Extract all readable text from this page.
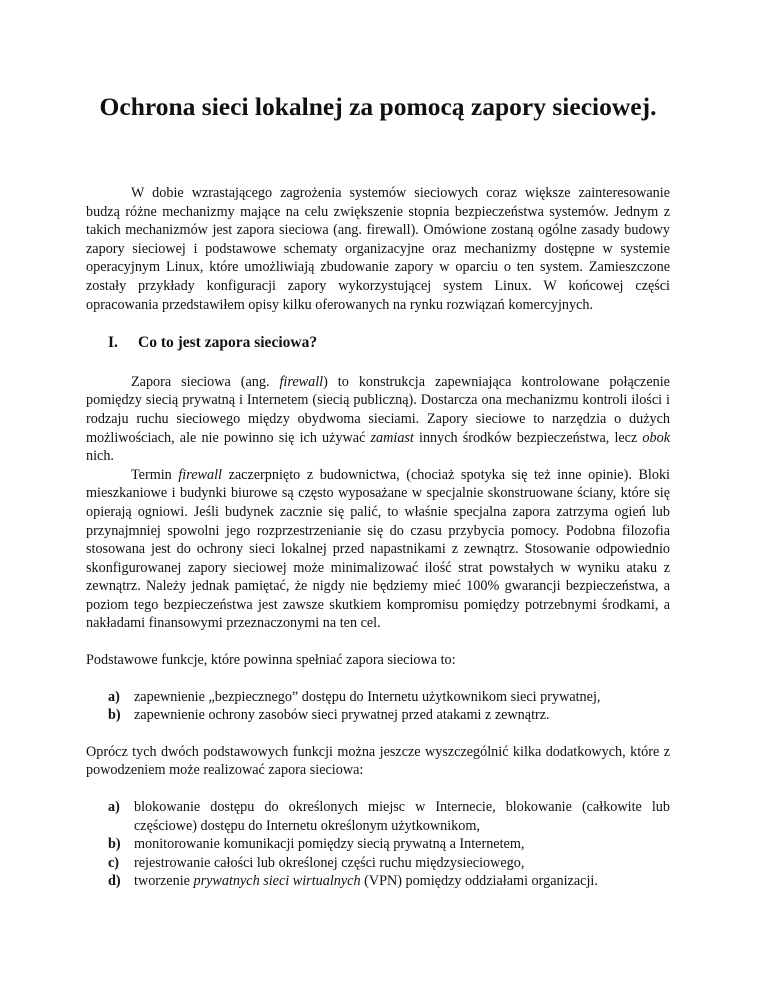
Ochrona sieci lokalnej za pomocą zapory sieciowej.

W dobie wzrastającego zagrożenia systemów sieciowych coraz większe zainteresowanie budzą różne mechanizmy mające na celu zwiększenie stopnia bezpieczeństwa systemów. Jednym z takich mechanizmów jest zapora sieciowa (ang. firewall). Omówione zostaną ogólne zasady budowy zapory sieciowej i podstawowe schematy organizacyjne oraz mechanizmy dostępne w systemie operacyjnym Linux, które umożliwiają zbudowanie zapory w oparciu o ten system. Zamieszczone zostały przykłady konfiguracji zapory wykorzystującej system Linux. W końcowej części opracowania przedstawiłem opisy kilku oferowanych na rynku rozwiązań komercyjnych.

I. Co to jest zapora sieciowa?

Zapora sieciowa (ang. firewall) to konstrukcja zapewniająca kontrolowane połączenie pomiędzy siecią prywatną i Internetem (siecią publiczną). Dostarcza ona mechanizmu kontroli ilości i rodzaju ruchu sieciowego między obydwoma sieciami. Zapory sieciowe to narzędzia o dużych możliwościach, ale nie powinno się ich używać zamiast innych środków bezpieczeństwa, lecz obok nich.

Termin firewall zaczerpnięto z budownictwa, (chociaż spotyka się też inne opinie). Bloki mieszkaniowe i budynki biurowe są często wyposażane w specjalnie skonstruowane ściany, które się opierają ogniowi. Jeśli budynek zacznie się palić, to właśnie specjalna zapora zatrzyma ogień lub przynajmniej spowolni jego rozprzestrzenianie się do czasu przybycia pomocy. Podobna filozofia stosowana jest do ochrony sieci lokalnej przed napastnikami z zewnątrz. Stosowanie odpowiednio skonfigurowanej zapory sieciowej może minimalizować ilość strat powstałych w wyniku ataku z zewnątrz. Należy jednak pamiętać, że nigdy nie będziemy mieć 100% gwarancji bezpieczeństwa, a poziom tego bezpieczeństwa jest zawsze skutkiem kompromisu pomiędzy potrzebnymi środkami, a nakładami finansowymi przeznaczonymi na ten cel.

Podstawowe funkcje, które powinna spełniać zapora sieciowa to:

a) zapewnienie „bezpiecznego” dostępu do Internetu użytkownikom sieci prywatnej,
b) zapewnienie ochrony zasobów sieci prywatnej przed atakami z zewnątrz.

Oprócz tych dwóch podstawowych funkcji można jeszcze wyszczególnić kilka dodatkowych, które z powodzeniem może realizować zapora sieciowa:

a) blokowanie dostępu do określonych miejsc w Internecie, blokowanie (całkowite lub częściowe) dostępu do Internetu określonym użytkownikom,
b) monitorowanie komunikacji pomiędzy siecią prywatną a Internetem,
c) rejestrowanie całości lub określonej części ruchu międzysieciowego,
d) tworzenie prywatnych sieci wirtualnych (VPN) pomiędzy oddziałami organizacji.
